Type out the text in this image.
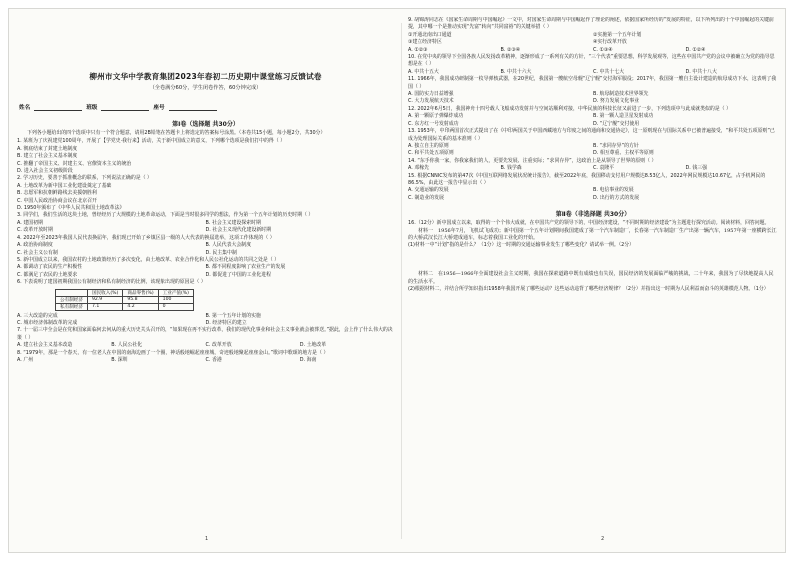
柳州市文华中学教育集团2023年春初二历史期中课堂练习反馈试卷
（全卷满分60分，学生闭卷作答，60分钟完成）
姓名	班级	座号
第Ⅰ卷（选择题 共30分）
下列各小题给出的四个选项中只有一个符合题意，请用2B铅笔在答题卡上将选定的答案标号涂黑。（本卷共15小题，每小题2分，共30分）
1. 某班为了庆祝建党100周年，开展了【学党史·我行来】活动，关于新中国成立的意义，下列哪个选项是我们打中的得（ ）
A. 彻底结束了封建土地制度
B. 建立了社会主义基本制度
C. 推翻了帝国主义、封建主义、官僚资本主义的统治
D. 进入社会主义初级阶段
2. 学习历史，要善于抓准概念的联系，下列说法正确的是（ ）
A. 土地改革为新中国工业化建设奠定了基础
B. 志愿军和抗朝鲜路线去美援朝胜利
C. 中国人民政治协商会议在北京召开
D. 1950年颁布了《中华人民共和国土地改革法》
3. 同学们，我们生活的这块土地，曾经经历了大规模的土地革命运动，下面是当时很多同学的想法，作为第一个五年计划的历史时期（ ）
A. 建国初期	B. 社会主义建设探索时期
C. 改革开放时期	D. 社会主义现代化建设新时期
4. 2022年至2023年我国人民代表换届年，我们现已开始了乡镇区县一级的人大代表的换届选举，这项工作体现的（ ）
A. 政治协商制度	B. 人民代表大会制度
C. 社会主义公有制	D. 民主集中制
5. 新中国成立以来，我国农村的土地政策经历了多次变化，由土地改革、农业合作化和人民公社化运动的共同之处是（ ）
A. 都调动了农民的生产积极性	B. 都不同程度影响了农业生产的发展
C. 都满足了农民的土地要求	D. 都促进了中国的工业化进程
6. 下表说明了建国初期我国公有制经济和私有制经济的比例，该现象出现的原因是（ ）
	国民收入(%)	商品零售(%)	工业产值(%)
公有制经济	92.9	95.8	100
私有制经济	7.1	4.2	0
A. 三大改造的完成	B. 第一个五年计划的实施
C. 城市经济体制改革的完成	D. 经济特区的建立
7. 十一届三中全会是在党和国家面临何去何从的重大历史关头召开的，“如果现在再不实行改革，我们的现代化事业和社会主义事业就会被葬送。”据此，会上作了什么伟大的决策（ ）
A. 建立社会主义基本改造	B. 人民公社化	C. 改革开放	D. 土地改革
8. “1979年，那是一个春天，有一位老人在中国的南海边画了一个圈，神话般地崛起座座城，奇迹般地聚起座座金山。”歌词中歌颂的地方是（ ）
A. 广州	B. 深圳	C. 香港	D. 海南
9. 胡锦涛同志在《国家生命周期与中国崛起》一文中，对国家生命周期与中国崛起作了理论的阐述，依据国家所经历的“发展的特征，以下所列出的十个中国崛起的关键前提，其中哪一个是推动实现“先富”转向“共同富裕”的关键举措（ ）
①开通北南出口通道	②实施第一个五年计划
③建立经济特区	④实行改革开放
A. ①②③	B. ②③④	C. ①③④	D. ①②④
10. 在党中央的领导下全国各族人民发扬改革精神，逐渐形成了一系列有关的方针，“三个代表”重要思想，科学发展观等，这些在中国共产党的会议中被确立为党的指导思想是在（ ）
A. 中共十五大	B. 中共十六大	C. 中共十七大	D. 中共十八大
11. 1966年，我国成功研制第一枚导弹核武器，在20世纪，我国第一艘航空母舰“辽宁舰”交付海军服役；2017年，我国第一艘自主设计建造的航母成功下水，这表明了我国（ ）
A. 国防实力日益增强	B. 航母制造技术世界领先
C. 大力发展航天技术	D. 努力发展文化事业
12. 2022年6月5日，我国神舟十四号载人飞船成功发射并与空间站顺利对接，中华民族的科技长征又前进了一步，下列选项中与此成就类似的是（ ）
A. 第一颗原子弹爆炸成功	B. 第一颗人造卫星发射成功
C. 东方红一号发射成功	D. “辽宁舰”交付使用
13. 1953年，中印两国首次正式提出了在《中印两国关于中国西藏地方与印度之间的通商和交通协定》，这一原则现在与国际关系中已被普遍接受，“和平共处五项原则”已成为处理国际关系的基本准则（ ）
A. 独立自主的原则	B. “求同存异”的方针
C. 和平共处五项原则	D. 相互尊重、主权平等原则
14. “东手你我一家，你我家我们的人，更要先发展、注重实际；“求同存异”，这政治上是从领导了世界的原则（ ）
A. 邓稼先	B. 钱学森	C. 袁隆平	D. 钱三强
15. 根据CNNIC发布的第47次《中国互联网络发展状况统计报告》，截至2022年底，我国移动支付用户规模达8.53亿人，2022年网民规模达10.67亿，占手机网民的86.5%，由此这一报告中显示出（ ）
A. 交通运输的发展	B. 电信事业的发展
C. 制造业的发展	D. 出行的方式的发展
第Ⅱ卷（非选择题 共30分）
16.（12分）新中国成立以来，取得的一个个伟大成就，在中国共产党的领导下的，中国经济建设，“不同时期的经济建设”为主题进行探究活动。阅读材料，回答问题。
材料一　1956年7月，飞机试飞成功；新中国第一个五年计划期间我国建成了第一个汽车制造厂，长春第一汽车制造厂生产出第一辆汽车，1957年第一座横跨长江的大桥武汉长江大桥建成通车，标志着我国工业化的开始。
(1)材料一中“计划”指的是什么？（1分）这一时期的交通运输事业发生了哪些变化？请试举一例。（2分）
材料二　在1956—1966年全面建设社会主义时期，我国在探索道路中既有成绩也有失误，国民经济的发展面临严峻的挑战，二十年来，我国为了尽快地提高人民的生活水平。
(2)根据材料二，并结合所学知识指出1958年我国开展了哪些运动？这些运动违背了哪些经济规律？（2分）并指出这一时期为人民利益而奋斗的英雄模范人物。（1分）
1	2
